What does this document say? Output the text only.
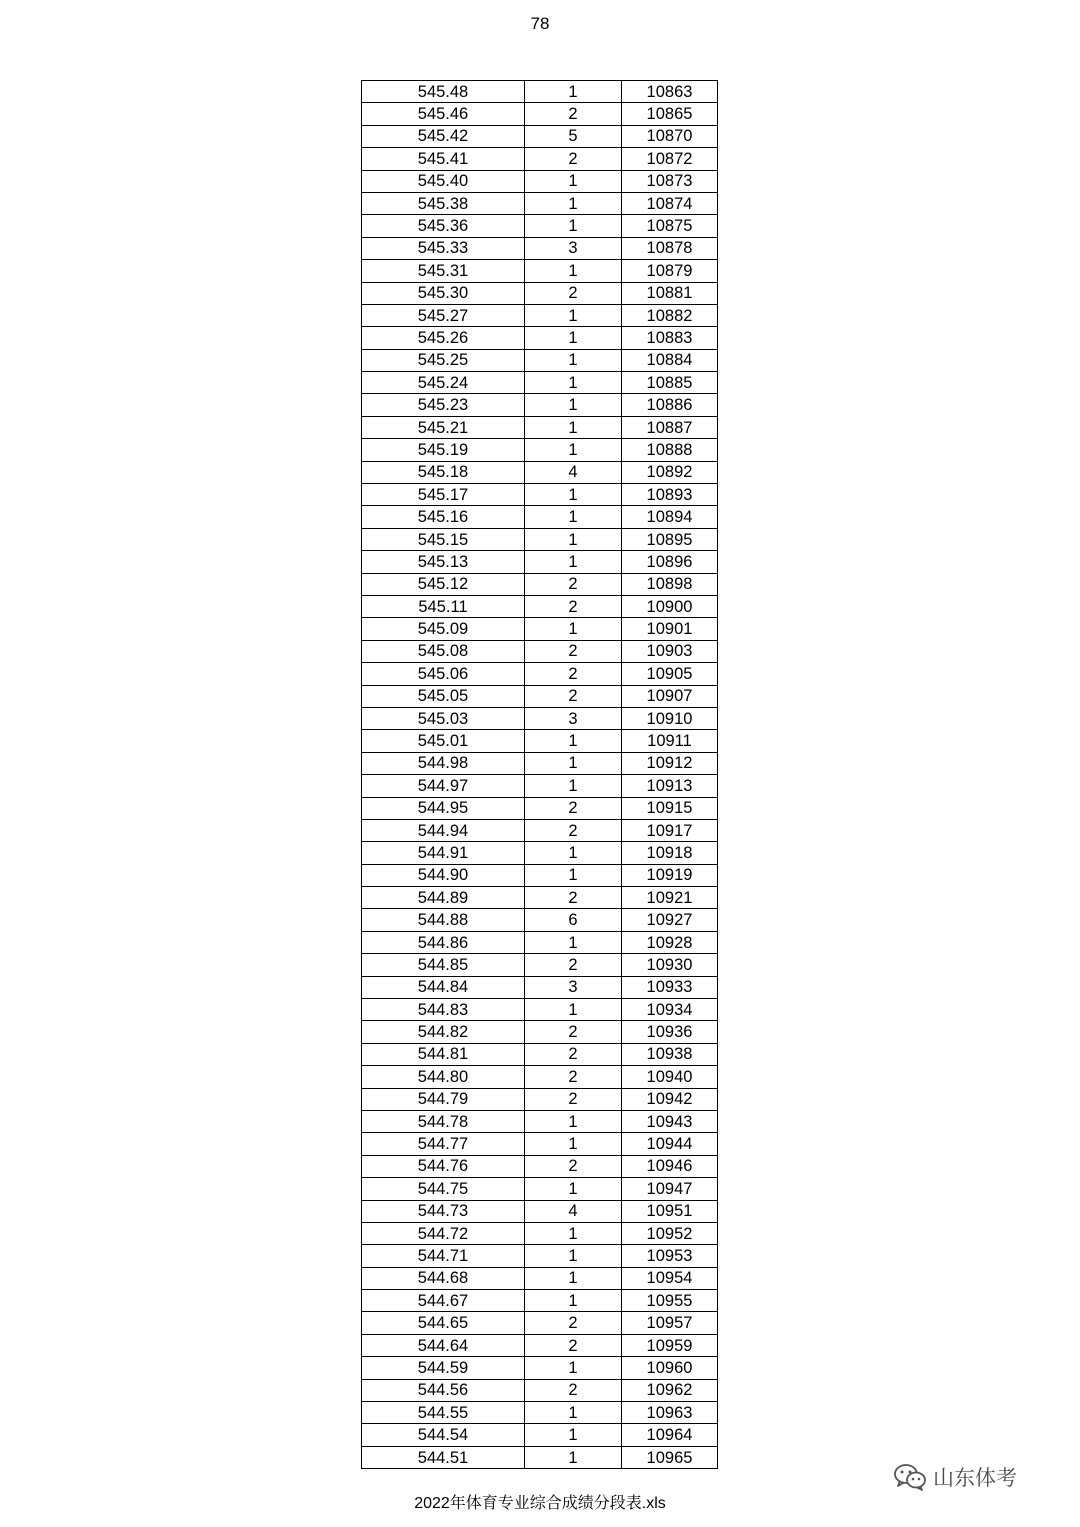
78
545.48	1	10863
545.46	2	10865
545.42	5	10870
545.41	2	10872
545.40	1	10873
545.38	1	10874
545.36	1	10875
545.33	3	10878
545.31	1	10879
545.30	2	10881
545.27	1	10882
545.26	1	10883
545.25	1	10884
545.24	1	10885
545.23	1	10886
545.21	1	10887
545.19	1	10888
545.18	4	10892
545.17	1	10893
545.16	1	10894
545.15	1	10895
545.13	1	10896
545.12	2	10898
545.11	2	10900
545.09	1	10901
545.08	2	10903
545.06	2	10905
545.05	2	10907
545.03	3	10910
545.01	1	10911
544.98	1	10912
544.97	1	10913
544.95	2	10915
544.94	2	10917
544.91	1	10918
544.90	1	10919
544.89	2	10921
544.88	6	10927
544.86	1	10928
544.85	2	10930
544.84	3	10933
544.83	1	10934
544.82	2	10936
544.81	2	10938
544.80	2	10940
544.79	2	10942
544.78	1	10943
544.77	1	10944
544.76	2	10946
544.75	1	10947
544.73	4	10951
544.72	1	10952
544.71	1	10953
544.68	1	10954
544.67	1	10955
544.65	2	10957
544.64	2	10959
544.59	1	10960
544.56	2	10962
544.55	1	10963
544.54	1	10964
544.51	1	10965
2022年体育专业综合成绩分段表.xls
山东体考
